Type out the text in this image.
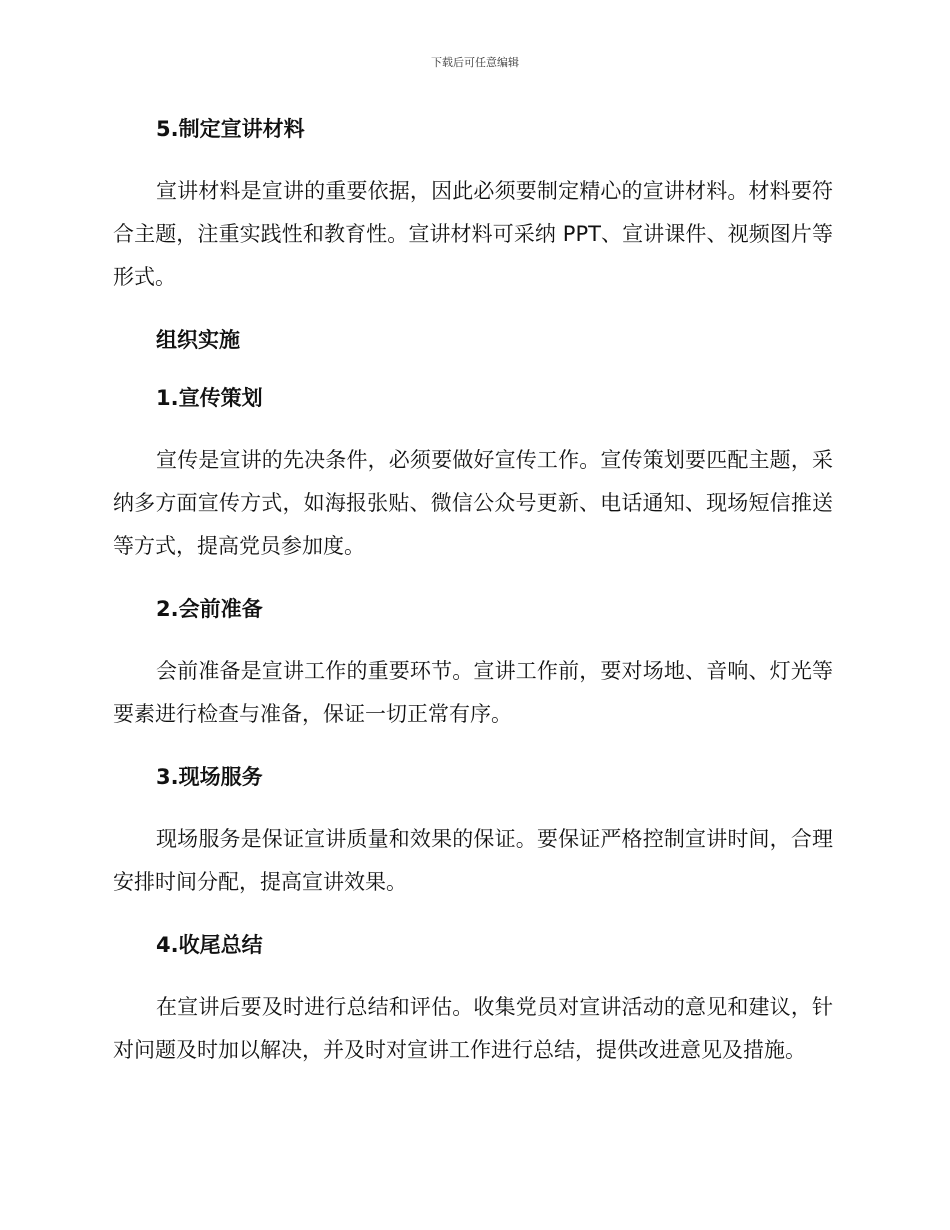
下载后可任意编辑
5.制定宣讲材料
宣讲材料是宣讲的重要依据，因此必须要制定精心的宣讲材料。材料要符合主题，注重实践性和教育性。宣讲材料可采纳 PPT、宣讲课件、视频图片等形式。
组织实施
1.宣传策划
宣传是宣讲的先决条件，必须要做好宣传工作。宣传策划要匹配主题，采纳多方面宣传方式，如海报张贴、微信公众号更新、电话通知、现场短信推送等方式，提高党员参加度。
2.会前准备
会前准备是宣讲工作的重要环节。宣讲工作前，要对场地、音响、灯光等要素进行检查与准备，保证一切正常有序。
3.现场服务
现场服务是保证宣讲质量和效果的保证。要保证严格控制宣讲时间，合理安排时间分配，提高宣讲效果。
4.收尾总结
在宣讲后要及时进行总结和评估。收集党员对宣讲活动的意见和建议，针对问题及时加以解决，并及时对宣讲工作进行总结，提供改进意见及措施。
